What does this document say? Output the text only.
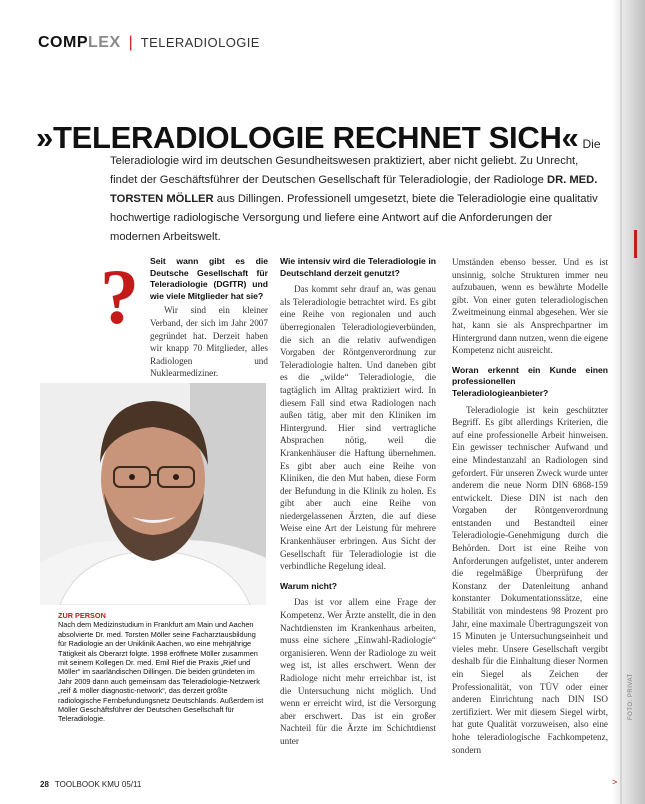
COMPLEX | TELERADIOLOGIE
»TELERADIOLOGIE RECHNET SICH« Die
Teleradiologie wird im deutschen Gesundheitswesen praktiziert, aber nicht geliebt. Zu Unrecht, findet der Geschäftsführer der Deutschen Gesellschaft für Teleradiologie, der Radiologe DR. MED. TORSTEN MÖLLER aus Dillingen. Professionell umgesetzt, biete die Teleradiologie eine qualitativ hochwertige radiologische Versorgung und liefere eine Antwort auf die Anforderungen der modernen Arbeitswelt.
? Seit wann gibt es die Deutsche Gesellschaft für Teleradiologie (DGfTR) und wie viele Mitglieder hat sie?

Wir sind ein kleiner Verband, der sich im Jahr 2007 gegründet hat. Derzeit haben wir knapp 70 Mitglieder, alles Radiologen und Nuklearmediziner.

ZUR PERSON
Nach dem Medizinstudium in Frankfurt am Main und Aachen absolvierte Dr. med. Torsten Möller seine Facharztausbildung für Radiologie an der Uniklinik Aachen, wo eine mehrjährige Tätigkeit als Oberarzt folgte. 1998 eröffnete Möller zusammen mit seinem Kollegen Dr. med. Emil Rief die Praxis „Rief und Möller“ im saarländischen Dillingen. Die beiden gründeten im Jahr 2009 dann auch gemeinsam das Teleradiologie-Netzwerk „reif & möller diagnostic-network“, das derzeit größte radiologische Fernbefundungsnetz Deutschlands. Außerdem ist Möller Geschäftsführer der Deutschen Gesellschaft für Teleradiologie.

Wie intensiv wird die Teleradiologie in Deutschland derzeit genutzt?

Das kommt sehr drauf an, was genau als Teleradiologie betrachtet wird. Es gibt eine Reihe von regionalen und auch überregionalen Teleradiologieverbünden, die sich an die relativ aufwendigen Vorgaben der Röntgenverordnung zur Teleradiologie halten. Und daneben gibt es die „wilde“ Teleradiologie, die tagtäglich im Alltag praktiziert wird. In diesem Fall sind etwa Radiologen nach außen tätig, aber mit den Kliniken im Hintergrund. Hier sind vertragliche Absprachen nötig, weil die Krankenhäuser die Haftung übernehmen. Es gibt aber auch eine Reihe von Kliniken, die den Mut haben, diese Form der Befundung in die Klinik zu holen. Es gibt aber auch eine Reihe von niedergelassenen Ärzten, die auf diese Weise eine Art der Leistung für mehrere Krankenhäuser erbringen. Aus Sicht der Gesellschaft für Teleradiologie ist die verbindliche Regelung ideal.

Warum nicht?

Das ist vor allem eine Frage der Kompetenz. Wer Ärzte anstellt, die in den Nachtdiensten im Krankenhaus arbeiten, muss eine sichere „Einwahl-Radiologie“ organisieren. Wenn der Radiologe zu weit weg ist, ist alles erschwert. Wenn der Radiologe nicht mehr erreichbar ist, ist die Untersuchung nicht möglich. Und wenn er erreicht wird, ist die Versorgung aber erschwert. Das ist ein großer Nachteil für die Ärzte im Schichtdienst unter

Umständen ebenso besser. Und es ist unsinnig, solche Strukturen immer neu aufzubauen, wenn es bewährte Modelle gibt. Von einer guten teleradiologischen Zweitmeinung einmal abgesehen. Wer sie hat, kann sie als Ansprechpartner im Hintergrund dann nutzen, wenn die eigene Kompetenz nicht ausreicht.

Woran erkennt ein Kunde einen professionellen Teleradiologieanbieter?

Teleradiologie ist kein geschützter Begriff. Es gibt allerdings Kriterien, die auf eine professionelle Arbeit hinweisen. Ein gewisser technischer Aufwand und eine Mindestanzahl an Radiologen sind gefordert. Für unseren Zweck wurde unter anderem die neue Norm DIN 6868-159 entwickelt. Diese DIN ist nach den Vorgaben der Röntgenverordnung entstanden und Bestandteil einer Teleradiologie-Genehmigung durch die Behörden. Dort ist eine Reihe von Anforderungen aufgelistet, unter anderem die regelmäßige Überprüfung der Konstanz der Datenleitung anhand konstanter Dokumentationssätze, eine Stabilität von mindestens 98 Prozent pro Jahr, eine maximale Übertragungszeit von 15 Minuten je Untersuchungseinheit und vieles mehr. Unsere Gesellschaft vergibt deshalb für die Einhaltung dieser Normen ein Siegel als Zeichen der Professionalität, von TÜV oder einer anderen Einrichtung nach DIN ISO zertifiziert. Wer mit diesem Siegel wirbt, hat gute Qualität vorzuweisen, also eine hohe teleradiologische Fachkompetenz, sondern

28 TOOLBOOK KMU 05/11	>
FOTO: PRIVAT
